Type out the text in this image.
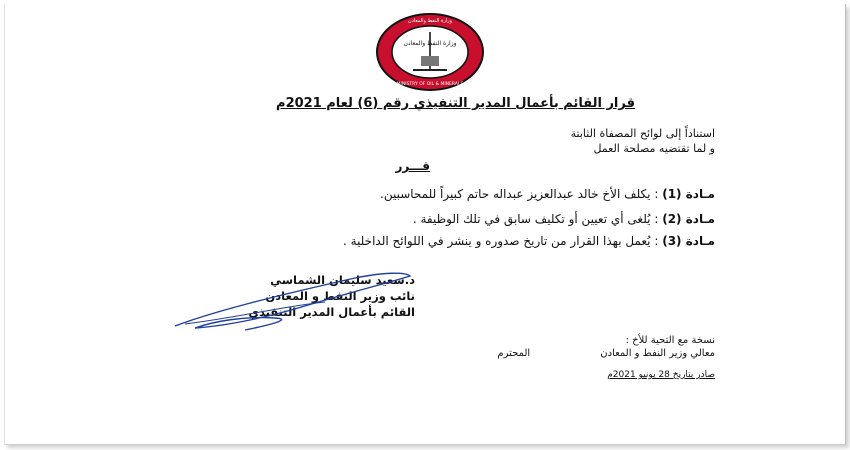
وزارة النفط والمعادن
MINISTRY OF OIL & MINERALS
وزارة النفط والمعادن
قرار القائم بأعمال المدير التنفيذي رقم (6) لعام 2021م
استناداً إلى لوائح المصفاة الثابتة
و لما تقتضيه مصلحة العمل
قـــرر
مـادة (1) : يكلف الأخ خالد عبدالعزيز عبداله حاتم كبيراً للمحاسبين.
مـادة (2) : يُلغى أي تعيين أو تكليف سابق في تلك الوظيفة .
مـادة (3) : يُعمل بهذا القرار من تاريخ صدوره و ينشر في اللوائح الداخلية .
د.سعيد سليمان الشماسي
نائب وزير النفط و المعادن
القائم بأعمال المدير التنفيذي
نسخة مع التحية للأخ :
معالي وزير النفط و المعادن
المحترم
صادر بتاريخ 28 يونيو 2021م
